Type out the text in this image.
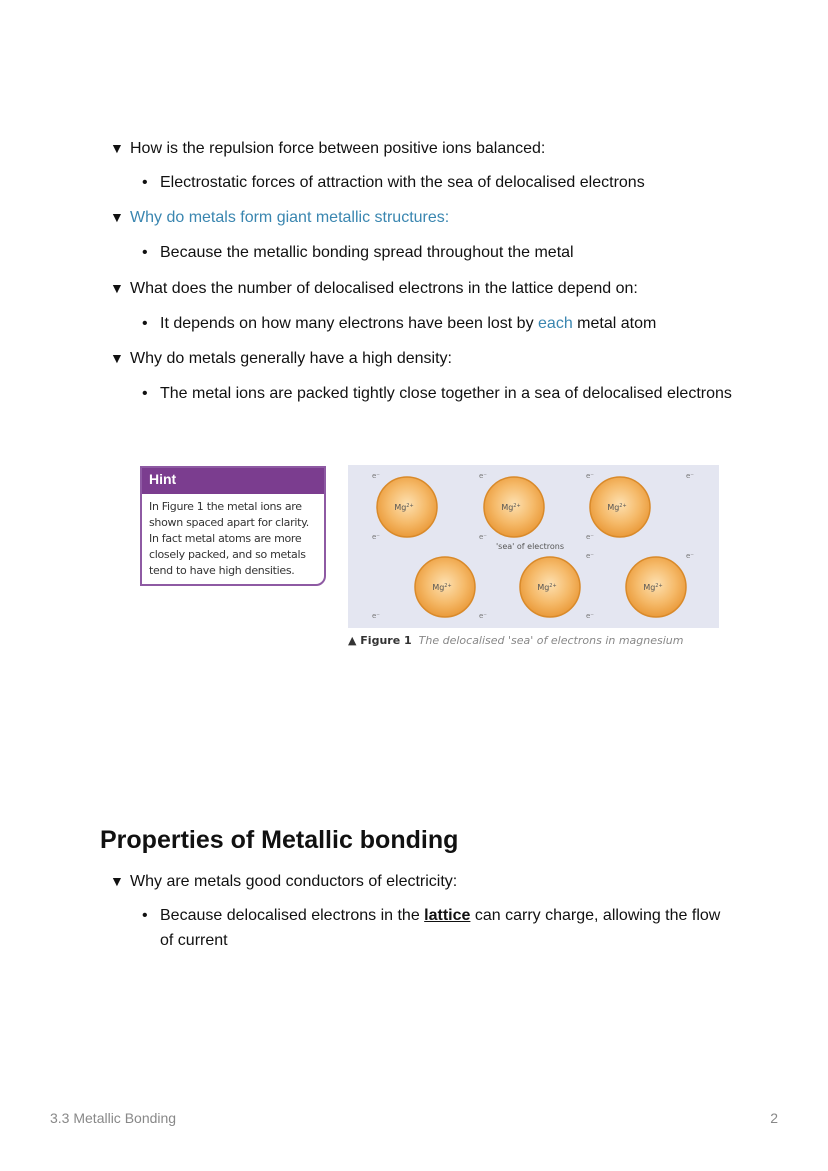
▼ How is the repulsion force between positive ions balanced:
• Electrostatic forces of attraction with the sea of delocalised electrons
▼ Why do metals form giant metallic structures:
• Because the metallic bonding spread throughout the metal
▼ What does the number of delocalised electrons in the lattice depend on:
• It depends on how many electrons have been lost by each metal atom
▼ Why do metals generally have a high density:
• The metal ions are packed tightly close together in a sea of delocalised electrons
Hint
In Figure 1 the metal ions are shown spaced apart for clarity. In fact metal atoms are more closely packed, and so metals tend to have high densities.
$Mg^{2+}$	$Mg^{2+}$	$Mg^{2+}$
$Mg^{2+}$	$Mg^{2+}$	$Mg^{2+}$
e⁻	e⁻	e⁻	e⁻
e⁻	e⁻	e⁻
e⁻	e⁻
e⁻	e⁻	e⁻
'sea' of electrons
▲ Figure 1 The delocalised 'sea' of electrons in magnesium
Properties of Metallic bonding
▼ Why are metals good conductors of electricity:
• Because delocalised electrons in the lattice can carry charge, allowing the flow of current
3.3 Metallic Bonding	2
